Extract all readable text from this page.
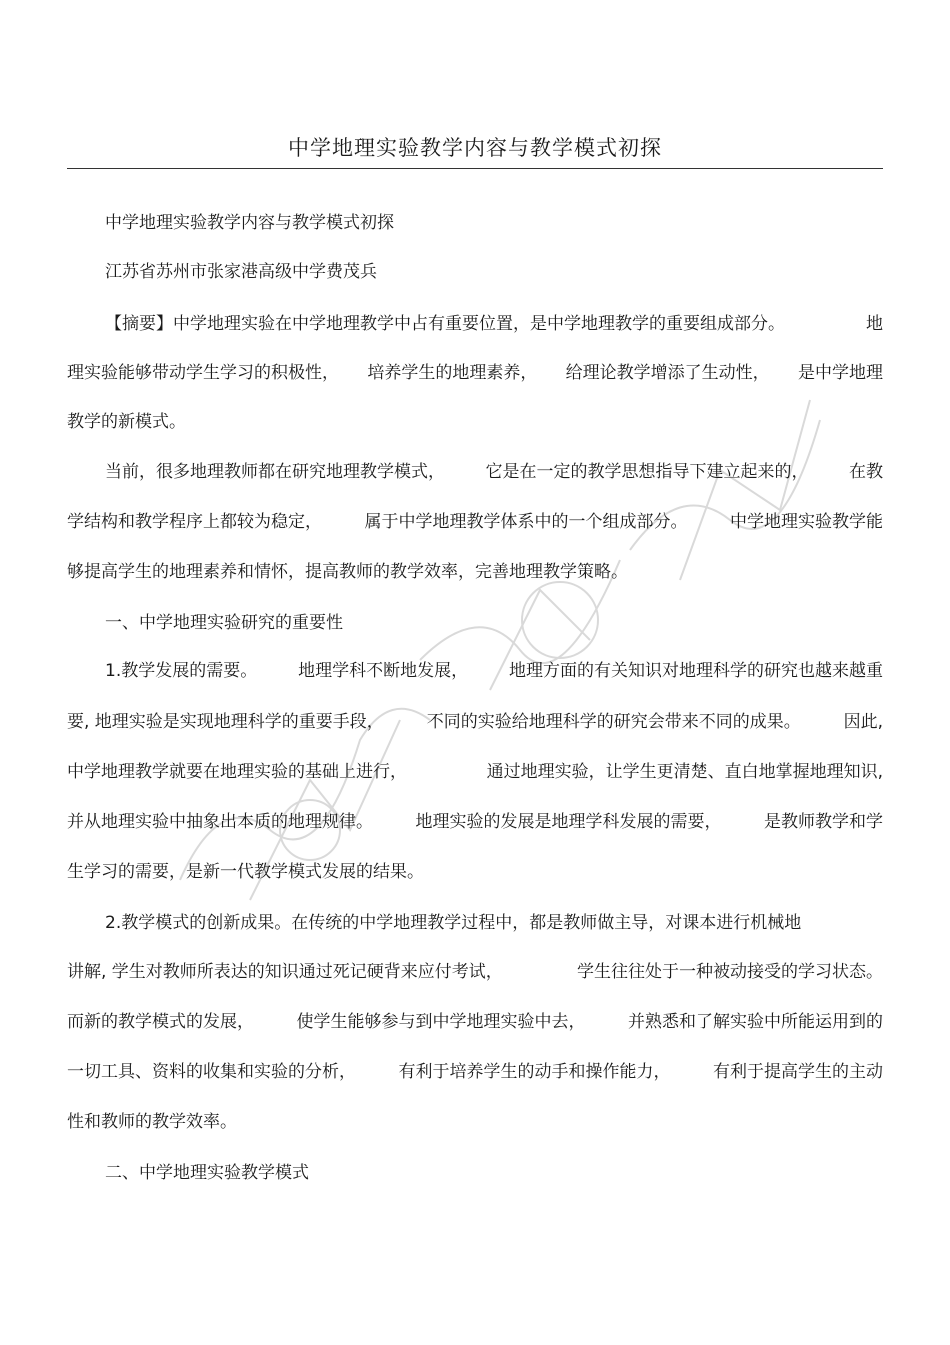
中学地理实验教学内容与教学模式初探
中学地理实验教学内容与教学模式初探
江苏省苏州市张家港高级中学费茂兵
【摘要】中学地理实验在中学地理教学中占有重要位置，是中学地理教学的重要组成部分。	地
理实验能够带动学生学习的积极性， 培养学生的地理素养， 给理论教学增添了生动性， 是中学地理
教学的新模式。
当前，很多地理教师都在研究地理教学模式， 它是在一定的教学思想指导下建立起来的， 在教
学结构和教学程序上都较为稳定，	属于中学地理教学体系中的一个组成部分。	中学地理实验教学能
够提高学生的地理素养和情怀，提高教师的教学效率，完善地理教学策略。
一、中学地理实验研究的重要性
1.教学发展的需要。 地理学科不断地发展， 地理方面的有关知识对地理科学的研究也越来越重
要, 地理实验是实现地理科学的重要手段，	不同的实验给地理科学的研究会带来不同的成果。	因此,
中学地理教学就要在地理实验的基础上进行，	通过地理实验，让学生更清楚、直白地掌握地理知识,
并从地理实验中抽象出本质的地理规律。	地理实验的发展是地理学科发展的需要，	是教师教学和学
生学习的需要，是新一代教学模式发展的结果。
2.教学模式的创新成果。在传统的中学地理教学过程中，都是教师做主导，对课本进行机械地
讲解, 学生对教师所表达的知识通过死记硬背来应付考试，	学生往往处于一种被动接受的学习状态。
而新的教学模式的发展，	使学生能够参与到中学地理实验中去，	并熟悉和了解实验中所能运用到的
一切工具、资料的收集和实验的分析，	有利于培养学生的动手和操作能力，	有利于提高学生的主动
性和教师的教学效率。
二、中学地理实验教学模式
